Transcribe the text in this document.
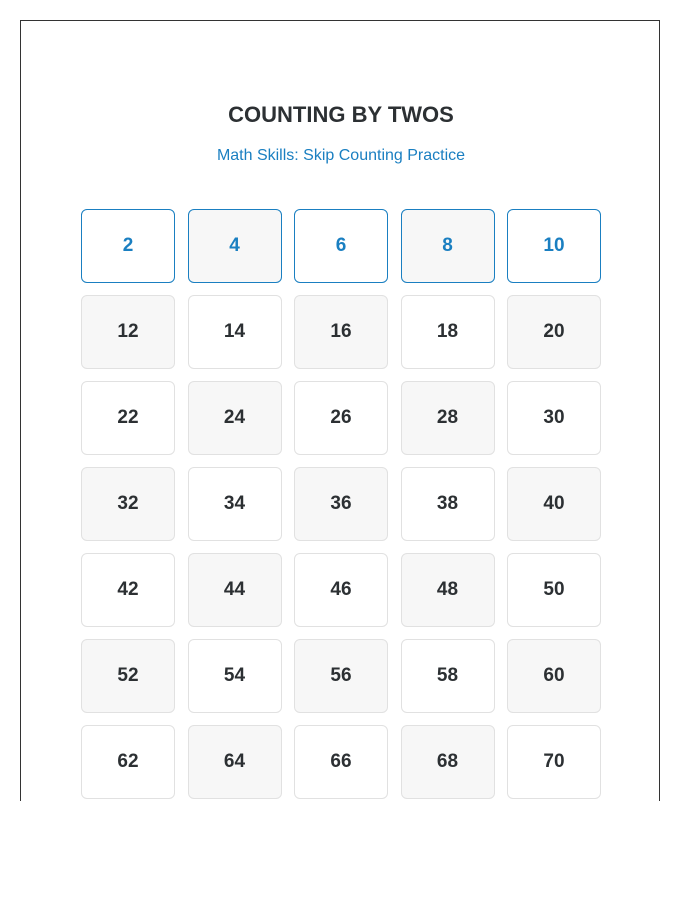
COUNTING BY TWOS
Math Skills: Skip Counting Practice
2	4	6	8	10
12	14	16	18	20
22	24	26	28	30
32	34	36	38	40
42	44	46	48	50
52	54	56	58	60
62	64	66	68	70
